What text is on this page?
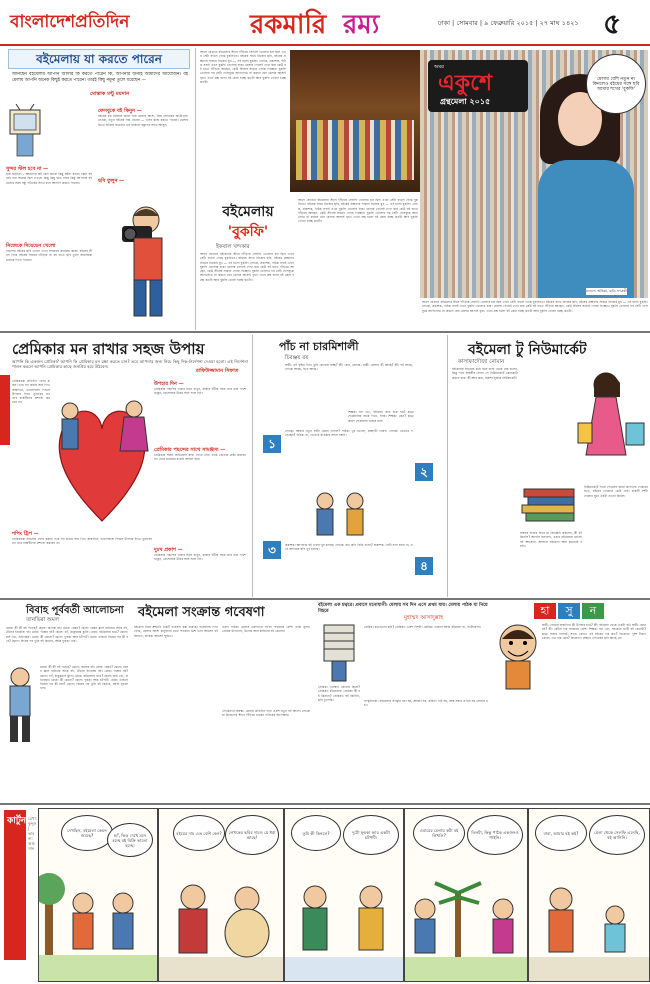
বাংলাদেশপ্রতিদিন	রকমারি রম্য	ঢাকা | সোমবার | ৯ ফেব্রুয়ারি ২০১৫ | ২৭ মাঘ ১৪২১ ৫
বইমেলায় যা করতে পারেন
জানছেন বইমেলায় আপনি আসার কি করতে পারেন কি, আপনার জন্যই আমাদের আয়োজন। বইমেলায় আপনি অনেক কিছুই করতে পারেন। তারই কিছু নমুনা তুলে ধরেছেন —
মোস্তাক মন্টু ময়দান
সুন্দর স্টল হবে না —
নাম বানানো – আমাদের কই কেন কারো কিছু ঘটনা কারো কোন বইয়ের নাম অনেক ছিল এখনো কিছু কিছু হতে পারে কিন্তু আপনার বইমেলার সময় বন্ধু পাঠকের সাথে বসে আলাপ করতে পারেন।
নিজেকে দিয়েছেন খেলো
পছন্দের বইয়ের ছবি তোলা এখন সবচেয়ে জনপ্রিয় কাজ। বইয়ের স্টলে গিয়ে বইয়ের সামনে দাঁড়িয়ে বা বই হাতে ছবি তুলে সামাজিক মাধ্যমে দিতে পারেন।
ফেসবুকে বই কিনুন —
বইয়ের রঙ মিলিয়ে জামা পরে মেলায় আসা, প্রিয় লেখকের অটোগ্রাফ নেওয়া, নতুন বইয়ের গন্ধ নেওয়া — এসব কাজ করতে পারেন। মেলার ভিড়ে হারিয়ে যাওয়ার ভয় থাকলে বন্ধুদের সাথে আসুন।
ছবি তুলুন —
আগে যেখানে বইমেলার স্টলে দাঁড়িয়ে সেলফি তোলার চল ছিল এখন সেটা বদলে গেছে বুকফিতে। বইয়ের সাথে নিজের ছবি, বইয়ের প্রচ্ছদের সামনে নিজের মুখ — এই হলো বুকফি। লেখক, প্রকাশক, পাঠক সবাই এখন বুকফি তোলায় ব্যস্ত। মেলায় গেলেই দেখা যায় কেউ বই হাতে দাঁড়িয়ে আছেন, কেউ স্টলের সামনে পোজ দিচ্ছেন। বুকফি তোলার পর সেটা ফেসবুকে আপলোড না করলে যেন মেলায় আসাই বৃথা। এখন প্রশ্ন হলো বই কেনা হচ্ছে কতটা আর বুকফি তোলা হচ্ছে কতটা।
অমর
একুশে
গ্রন্থমেলা ২০১৫
মেলায় বেশি নতুন না কিনলেও বইয়ের সঙ্গে ছবি আমার শখের 'বুকফি'
মডেল: অদ্রিকা, ছবি: ফারুকী
বইমেলায়
'বুকফি'
ইকবাল খন্দকার
আগে যেখানে বইমেলার স্টলে দাঁড়িয়ে সেলফি তোলার চল ছিল এখন সেটা বদলে গেছে বুকফিতে। বইয়ের সাথে নিজের ছবি, বইয়ের প্রচ্ছদের সামনে নিজের মুখ — এই হলো বুকফি। লেখক, প্রকাশক, পাঠক সবাই এখন বুকফি তোলায় ব্যস্ত। মেলায় গেলেই দেখা যায় কেউ বই হাতে দাঁড়িয়ে আছেন, কেউ স্টলের সামনে পোজ দিচ্ছেন। বুকফি তোলার পর সেটা ফেসবুকে আপলোড না করলে যেন মেলায় আসাই বৃথা। এখন প্রশ্ন হলো বই কেনা হচ্ছে কতটা আর বুকফি তোলা হচ্ছে কতটা।
আগে যেখানে বইমেলার স্টলে দাঁড়িয়ে সেলফি তোলার চল ছিল এখন সেটা বদলে গেছে বুকফিতে। বইয়ের সাথে নিজের ছবি, বইয়ের প্রচ্ছদের সামনে নিজের মুখ — এই হলো বুকফি। লেখক, প্রকাশক, পাঠক সবাই এখন বুকফি তোলায় ব্যস্ত। মেলায় গেলেই দেখা যায় কেউ বই হাতে দাঁড়িয়ে আছেন, কেউ স্টলের সামনে পোজ দিচ্ছেন। বুকফি তোলার পর সেটা ফেসবুকে আপলোড না করলে যেন মেলায় আসাই বৃথা। এখন প্রশ্ন হলো বই কেনা হচ্ছে কতটা আর বুকফি তোলা হচ্ছে কতটা।
আগে যেখানে বইমেলার স্টলে দাঁড়িয়ে সেলফি তোলার চল ছিল এখন সেটা বদলে গেছে বুকফিতে। বইয়ের সাথে নিজের ছবি, বইয়ের প্রচ্ছদের সামনে নিজের মুখ — এই হলো বুকফি। লেখক, প্রকাশক, পাঠক সবাই এখন বুকফি তোলায় ব্যস্ত। মেলায় গেলেই দেখা যায় কেউ বই হাতে দাঁড়িয়ে আছেন, কেউ স্টলের সামনে পোজ দিচ্ছেন। বুকফি তোলার পর সেটা ফেসবুকে আপলোড না করলে যেন মেলায় আসাই বৃথা। এখন প্রশ্ন হলো বই কেনা হচ্ছে কতটা আর বুকফি তোলা হচ্ছে কতটা।
প্রেমিকার মন রাখার সহজ উপায়
আপনি কি একজন প্রেমিকা? আপনি কি প্রেমিকার মন রক্ষা করতে চান? তবে আপনার জন্য নিচে কিছু দিক-নির্দেশনা দেওয়া হলো। এই নির্দেশনা পালন করলে আপনি প্রেমিকার কাছে জনপ্রিয় হয়ে উঠবেন।
রাফিউজ্জামান সিফাত
প্রেমিকাকে প্রতিদিন ফোন করুন। তার সব কথায় সায় দিন। জন্মদিনে, ভালোবাসা দিবসে উপহার দিতে ভুলবেন না। তার বান্ধবীদের প্রশংসা করবেন না।
উপহার দিন —
প্রেমিকার পছন্দের খাবার চিনে রাখুন, রাস্তায় হাঁটার সময় তার ডান পাশে থাকুন, মেসেজের উত্তর সঙ্গে সঙ্গে দিন।
প্রেমিকার পছন্দের সাথে সামঞ্জস্য —
প্রেমিকার সকল অভিযোগ মাথা পেতে নিন। তর্কে জেতার চেষ্টা করবেন না। হেরে যাওয়ার মধ্যেই আসল জয়।
শপিং ট্রিপ —
প্রেমিকাকে প্রতিদিন ফোন করুন। তার সব কথায় সায় দিন। জন্মদিনে, ভালোবাসা দিবসে উপহার দিতে ভুলবেন না। তার বান্ধবীদের প্রশংসা করবেন না।
দুঃখ প্রকাশ —
প্রেমিকার পছন্দের খাবার চিনে রাখুন, রাস্তায় হাঁটার সময় তার ডান পাশে থাকুন, মেসেজের উত্তর সঙ্গে সঙ্গে দিন।
পাঁচ না চারমিশালী
চিরঞ্জয় রয়
১
স্বামী: এই বৃষ্টির দিনে তুমি কোথায় যাচ্ছ? স্ত্রী: কেন, মেলায়। স্বামী: মেলায় কী আছে? স্ত্রী: বই আছে, লেখক আছে, ভিড় আছে।
লেখক: আমার নতুন বইটা কেমন লাগল? পাঠক: খুব ভালো, প্রচ্ছদটা দারুণ। লেখক: ভেতরে পড়েছেন? পাঠক: না, ভেতরে যাওয়ার সাহস হয়নি।
৩	প্রকাশক: আপনার বই এবার খুব চলছে। লেখক: কত কপি বিক্রি হলো? প্রকাশক: সেটা বলা যাবে না, তবে আপনার ছবি খুব চলছে।
২
৪
শিক্ষক: বল তো, বইমেলা কবে শুরু হয়? ছাত্র: ফেব্রুয়ারির প্রথম দিনে, স্যার। শিক্ষক: কেন? ছাত্র: কারণ ফেব্রুয়ারি ভাষার মাস।
বইমেলা টু নিউমার্কেট
কাসাফাদৌজা নোমান
বইমেলায় যাওয়ার কথা বলে বাসা থেকে বের হলেন, কিন্তু পথে বান্ধবীর ফোন। সে নিউমার্কেটে কেনাকাটা করতে চায়। কী আর করা, রিকশা ঘুরিয়ে নিউমার্কেট।
নিউমার্কেটে গিয়ে দেখলেন জামা কাপড়ের দোকানে ভিড়, বইয়ের দোকানে কেউ নেই। বান্ধবী দশটা দোকান ঘুরে একটা ওড়না কিনল।
সন্ধ্যায় বাসায় ফিরে মা জিজ্ঞেস করলেন, কী বই কিনলি? আপনি বললেন, এবার বইমেলায় ভালো বই আসেনি। আসলে বইমেলা আর যাওয়াই হয়নি।
বিবাহ পূর্ববর্তী আলোচনা
তানভিরা অমল
মেয়ে: কী কী বই পড়েছ? ছেলে: অনেক বই। মেয়ে: যেমন? ছেলে: যেমন ক্লাস নাইনের অংক বই, টেনের ইংরেজি বই। মেয়ে: গল্পের বই? ছেলে: হ্যাঁ, ঠাকুরমার ঝুলি। মেয়ে: বইমেলায় যাও? ছেলে: যাই তো, প্রতিবছর। মেয়ে: কী কেনো? ছেলে: ফুচকা আর চটপটি। মেয়ে: তাহলে বিয়ের পর কী হবে? ছেলে: বিয়ের পর তুমি বই কিনবে, আমি ফুচকা খাব।
মেয়ে: কী কী বই পড়েছ? ছেলে: অনেক বই। মেয়ে: যেমন? ছেলে: যেমন ক্লাস নাইনের অংক বই, টেনের ইংরেজি বই। মেয়ে: গল্পের বই? ছেলে: হ্যাঁ, ঠাকুরমার ঝুলি। মেয়ে: বইমেলায় যাও? ছেলে: যাই তো, প্রতিবছর। মেয়ে: কী কেনো? ছেলে: ফুচকা আর চটপটি। মেয়ে: তাহলে বিয়ের পর কী হবে? ছেলে: বিয়ের পর তুমি বই কিনবে, আমি ফুচকা খাব।
বইমেলা সংক্রান্ত গবেষণা
বইমেলা নিয়ে সম্প্রতি একটি গবেষণা করা হয়েছে। গবেষণায় দেখা গেছে, মেলায় আসা মানুষদের মধ্যে শতকরা ত্রিশ ভাগ আসেন বই কিনতে, বাকিরা আসেন ঘুরতে।
তরুণ পাঠক: মেলায় তরুণদের সংখ্যা সবচেয়ে বেশি। তারা মূলত প্রেমের উপন্যাস, থ্রিলার আর কবিতার বই কেনেন।
লেখকদের অবস্থা: মেলায় প্রতিদিন গড়ে একশ নতুন বই আসে। লেখকরা নিজেদের স্টলে দাঁড়িয়ে থাকেন পাঠকের অপেক্ষায়।
বইমেলা এক চত্বরে। প্রবাসে মনোযাগী। মেলায় সব দিন এসে প্রথম যায়। মেলায় পাঠক যা নিয়ে বিহরে
মুহাম্মদ আসাদুল্লাহ
প্রেমিক: এতক্ষণ কোথায় ছিলে? প্রেমিকা: বইমেলায়। প্রেমিক: কী বই কিনলে? প্রেমিকা: বই কিনিনি, ছবি তুলেছি।
প্রেমিক: কতগুলো ছবি? প্রেমিকা: একশ বিশটা। প্রেমিক: তাহলে আজ বইমেলা না, ফটোমেলা।
সংস্কৃতিচর্চা: বইমেলায় সংস্কৃতি চর্চা হয়, আড্ডা হয়, কবিতা পাঠ হয়, আর সবার ওপরে হয় সেলফি চর্চা।
হা	সু	ন
স্বামী: তোমার জন্মদিনে কী উপহার চাও? স্ত্রী: বইমেলা থেকে একটা বই। স্বামী: কোন বই? স্ত্রী: যেটার দাম সবচেয়ে বেশি। শিক্ষক: বল তো, সবচেয়ে ভারী বই কোনটা? ছাত্র: বাবার পাসবই, স্যার। ক্রেতা: এই বইয়ের দাম কত? বিক্রেতা: দুইশ টাকা। ক্রেতা: এত দাম কেন? বিক্রেতা: প্রচ্ছদে লেখকের ছবি আছে যে।
কার্টুন রেখা: কুদ্দুস | ভাবনা: আহসান
দেখছিস, বইমেলা কেমন জমছে?	হ্যাঁ, ভিড় দেখে মনে হচ্ছে বই বিক্রি ভালো হচ্ছে।
বইয়ের দাম এত বেশি কেন?	লেখকের ছবির দামও যে ধরা আছে!
তুমি কী কিনলে?	দুটো ফুচকা আর একটা চটপটি।
এবারের মেলায় কটা বই লিখলি?
তিনটা, কিন্তু পাঠক একজনও পাইনি।
বাবা, আমার বই কই?	মেলা থেকে সেলফি এনেছি, বই আনিনি।
